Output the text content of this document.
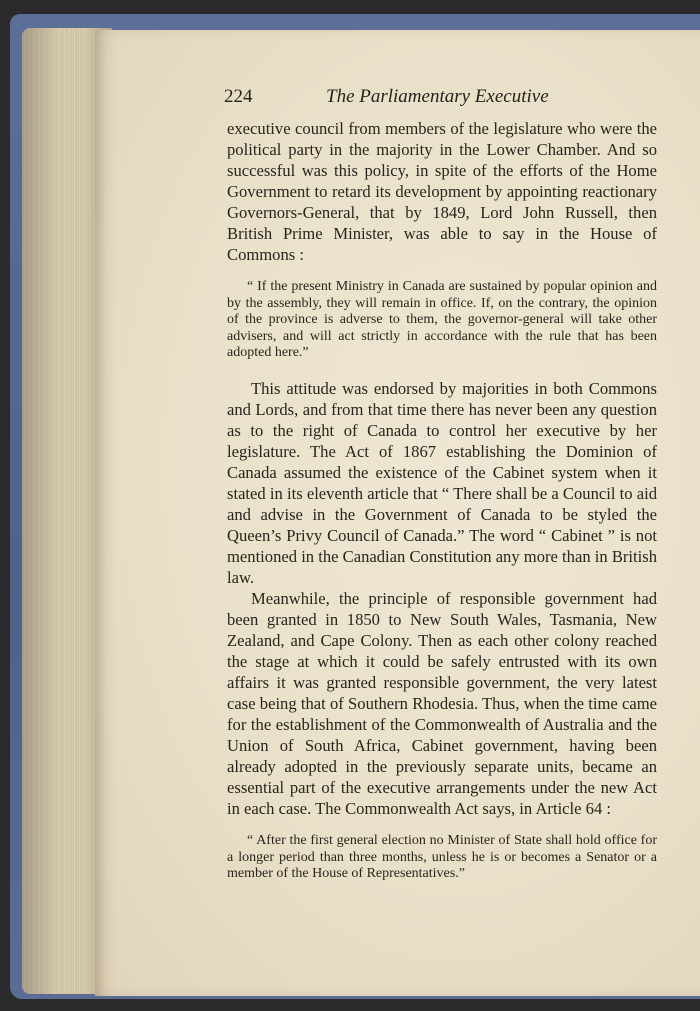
224	The Parliamentary Executive

executive council from members of the legislature who were the political party in the majority in the Lower Chamber. And so successful was this policy, in spite of the efforts of the Home Government to retard its development by appointing reactionary Governors-General, that by 1849, Lord John Russell, then British Prime Minister, was able to say in the House of Commons :

“ If the present Ministry in Canada are sustained by popular opinion and by the assembly, they will remain in office. If, on the contrary, the opinion of the province is adverse to them, the governor-general will take other advisers, and will act strictly in accordance with the rule that has been adopted here.”

This attitude was endorsed by majorities in both Commons and Lords, and from that time there has never been any question as to the right of Canada to control her executive by her legislature. The Act of 1867 establishing the Dominion of Canada assumed the existence of the Cabinet system when it stated in its eleventh article that “ There shall be a Council to aid and advise in the Government of Canada to be styled the Queen’s Privy Council of Canada.” The word “ Cabinet ” is not mentioned in the Canadian Constitution any more than in British law.

Meanwhile, the principle of responsible government had been granted in 1850 to New South Wales, Tasmania, New Zealand, and Cape Colony. Then as each other colony reached the stage at which it could be safely entrusted with its own affairs it was granted responsible government, the very latest case being that of Southern Rhodesia. Thus, when the time came for the establishment of the Commonwealth of Australia and the Union of South Africa, Cabinet government, having been already adopted in the previously separate units, became an essential part of the executive arrangements under the new Act in each case. The Commonwealth Act says, in Article 64 :

“ After the first general election no Minister of State shall hold office for a longer period than three months, unless he is or becomes a Senator or a member of the House of Representatives.”
